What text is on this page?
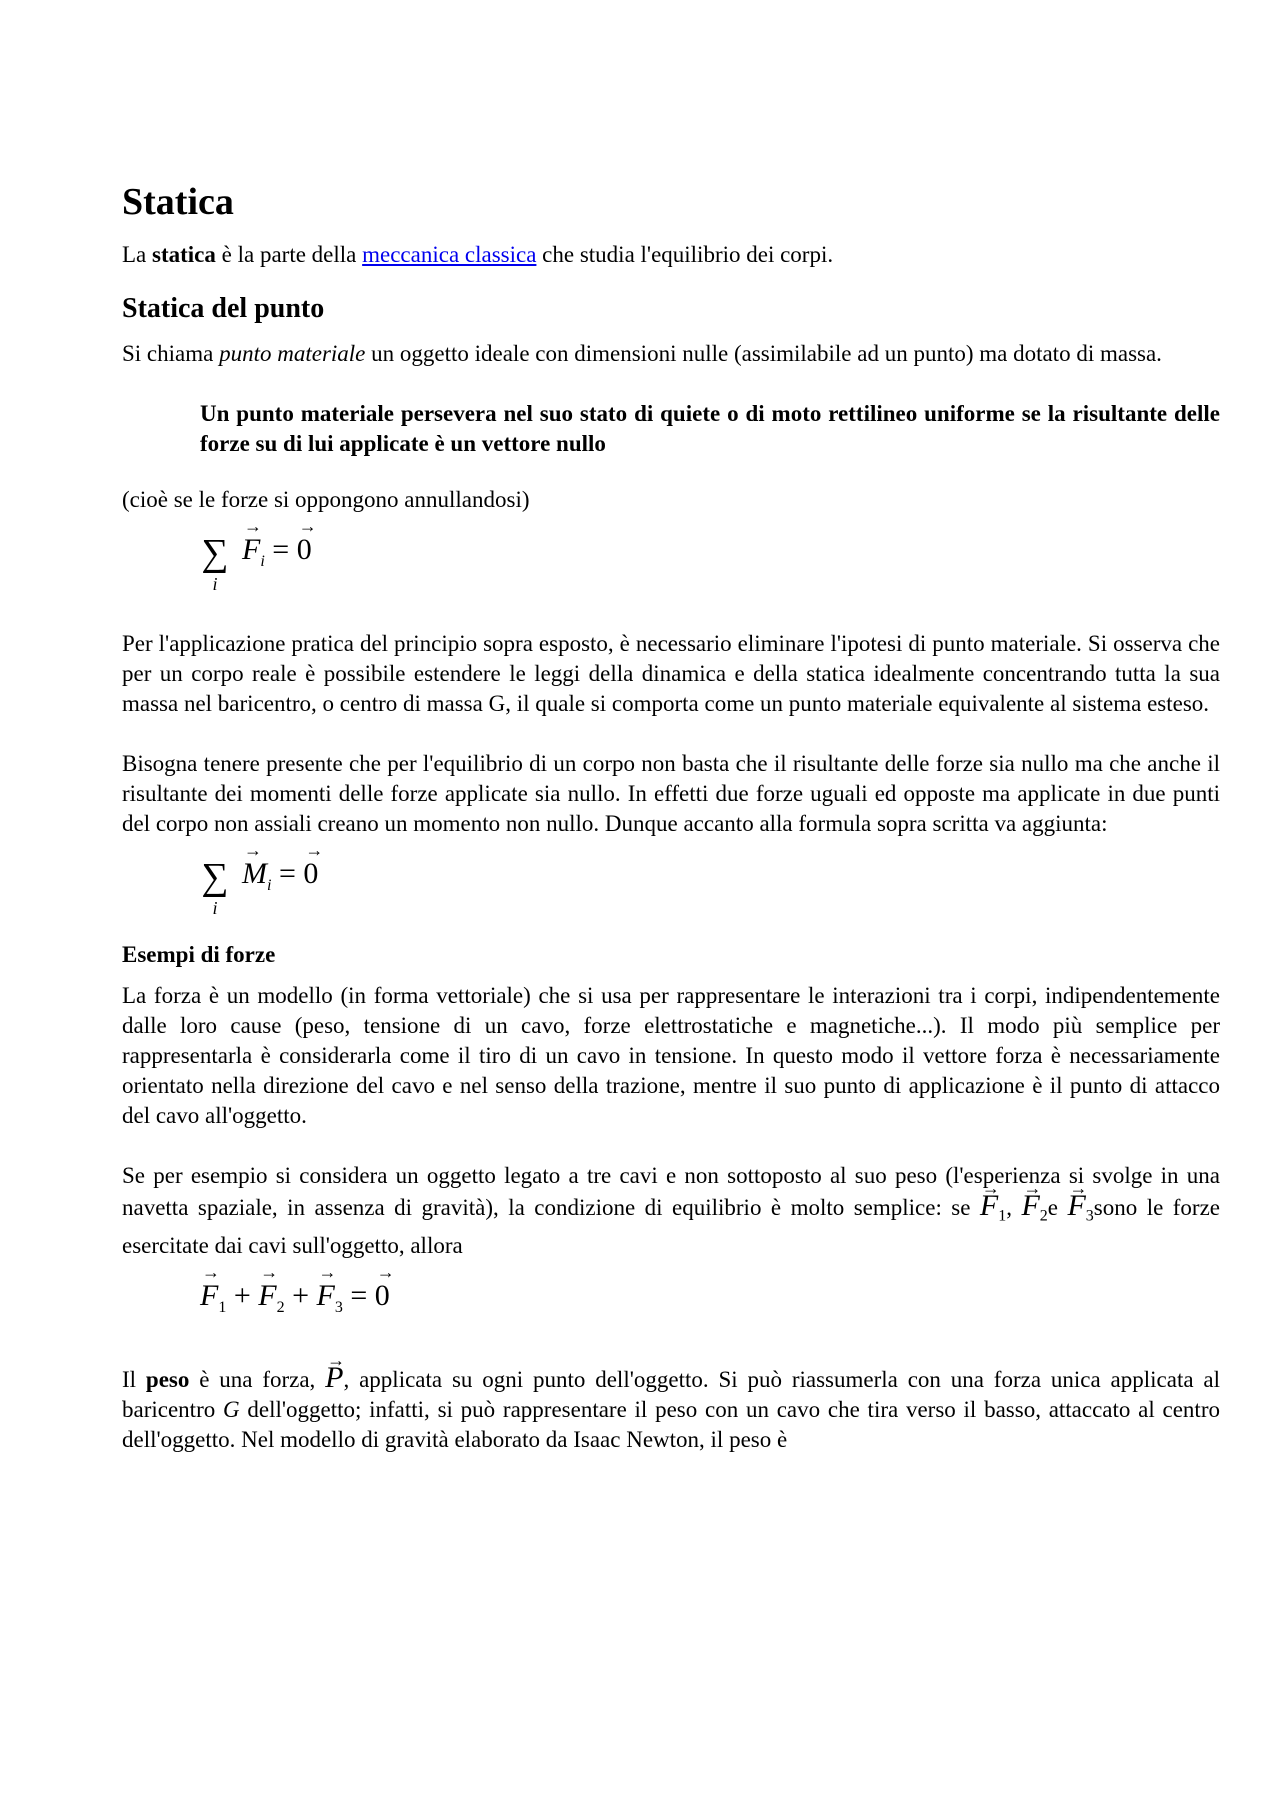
Statica

La statica è la parte della meccanica classica che studia l'equilibrio dei corpi.

Statica del punto

Si chiama punto materiale un oggetto ideale con dimensioni nulle (assimilabile ad un punto) ma dotato di massa.

Un punto materiale persevera nel suo stato di quiete o di moto rettilineo uniforme se la risultante delle forze su di lui applicate è un vettore nullo

(cioè se le forze si oppongono annullandosi)

∑
i
→ $F_i$ = → 0

Per l'applicazione pratica del principio sopra esposto, è necessario eliminare l'ipotesi di punto materiale. Si osserva che per un corpo reale è possibile estendere le leggi della dinamica e della statica idealmente concentrando tutta la sua massa nel baricentro, o centro di massa G, il quale si comporta come un punto materiale equivalente al sistema esteso.

Bisogna tenere presente che per l'equilibrio di un corpo non basta che il risultante delle forze sia nullo ma che anche il risultante dei momenti delle forze applicate sia nullo. In effetti due forze uguali ed opposte ma applicate in due punti del corpo non assiali creano un momento non nullo. Dunque accanto alla formula sopra scritta va aggiunta:

∑
i
→ $M_i$ = → 0
Esempi di forze

La forza è un modello (in forma vettoriale) che si usa per rappresentare le interazioni tra i corpi, indipendentemente dalle loro cause (peso, tensione di un cavo, forze elettrostatiche e magnetiche...). Il modo più semplice per rappresentarla è considerarla come il tiro di un cavo in tensione. In questo modo il vettore forza è necessariamente orientato nella direzione del cavo e nel senso della trazione, mentre il suo punto di applicazione è il punto di attacco del cavo all'oggetto.

Se per esempio si considera un oggetto legato a tre cavi e non sottoposto al suo peso (l'esperienza si svolge in una navetta spaziale, in assenza di gravità), la condizione di equilibrio è molto semplice: se → $F_1$, → $F_2e$ → $F_3sono$ le forze esercitate dai cavi sull'oggetto, allora

→ $F_1$ + → $F_2$ + → $F_3$ = → 0

Il peso è una forza, → P, applicata su ogni punto dell'oggetto. Si può riassumerla con una forza unica applicata al baricentro G dell'oggetto; infatti, si può rappresentare il peso con un cavo che tira verso il basso, attaccato al centro dell'oggetto. Nel modello di gravità elaborato da Isaac Newton, il peso è
